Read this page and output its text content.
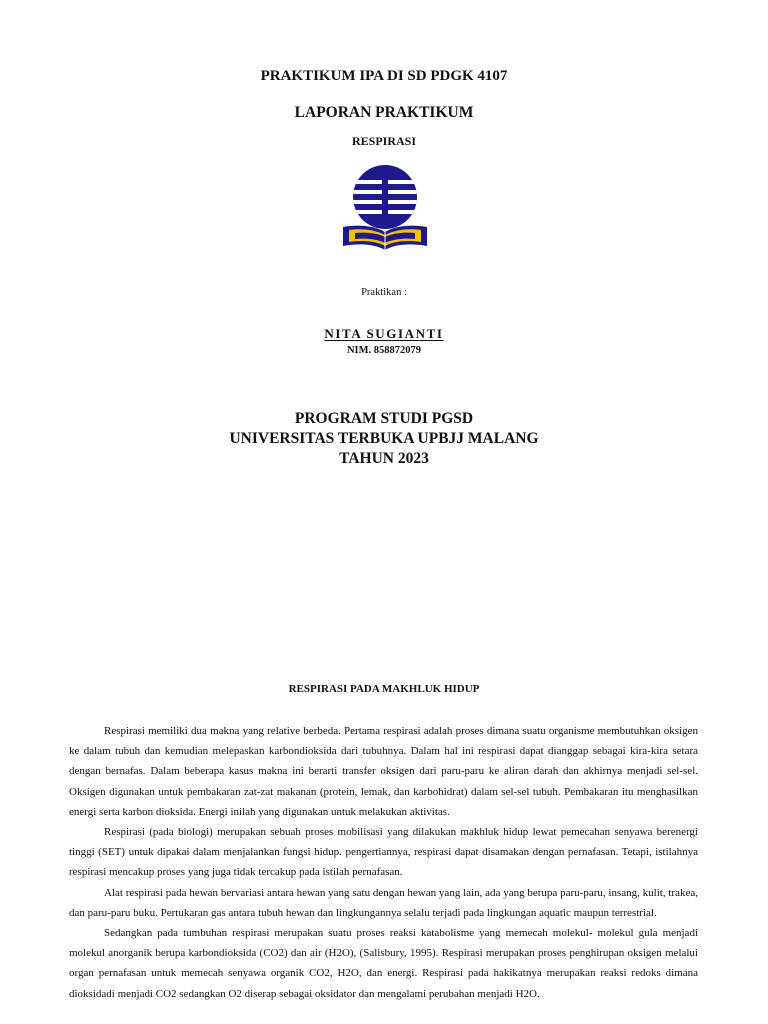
PRAKTIKUM IPA DI SD PDGK 4107
LAPORAN PRAKTIKUM
RESPIRASI
Praktikan :
NITA SUGIANTI
NIM. 858872079
PROGRAM STUDI PGSD
UNIVERSITAS TERBUKA UPBJJ MALANG
TAHUN 2023
RESPIRASI PADA MAKHLUK HIDUP

Respirasi memiliki dua makna yang relative berbeda. Pertama respirasi adalah proses dimana suatu organisme membutuhkan oksigen ke dalam tubuh dan kemudian melepaskan karbondioksida dari tubuhnya. Dalam hal ini respirasi dapat dianggap sebagai kira-kira setara dengan bernafas. Dalam beberapa kasus makna ini berarti transfer oksigen dari paru-paru ke aliran darah dan akhirnya menjadi sel-sel. Oksigen digunakan untuk pembakaran zat-zat makanan (protein, lemak, dan karbohidrat) dalam sel-sel tubuh. Pembakaran itu menghasilkan energi serta karbon dioksida. Energi inilah yang digunakan untuk melakukan aktivitas.

Respirasi (pada biologi) merupakan sebuah proses mobilisasi yang dilakukan makhluk hidup lewat pemecahan senyawa berenergi tinggi (SET) untuk dipakai dalam menjalankan fungsi hidup. pengertiannya, respirasi dapat disamakan dengan pernafasan. Tetapi, istilahnya respirasi mencakup proses yang juga tidak tercakup pada istilah pernafasan.

Alat respirasi pada hewan bervariasi antara hewan yang satu dengan hewan yang lain, ada yang berupa paru-paru, insang, kulit, trakea, dan paru-paru buku. Pertukaran gas antara tubuh hewan dan lingkungannya selalu terjadi pada lingkungan aquatic maupun terrestrial.

Sedangkan pada tumbuhan respirasi merupakan suatu proses reaksi katabolisme yang memecah molekul- molekul gula menjadi molekul anorganik berupa karbondioksida (CO2) dan air (H2O), (Salisbury, 1995). Respirasi merupakan proses penghirupan oksigen melalui organ pernafasan untuk memecah senyawa organik CO2, H2O, dan energi. Respirasi pada hakikatnya merupakan reaksi redoks dimana dioksidadi menjadi CO2 sedangkan O2 diserap sebagai oksidator dan mengalami perubahan menjadi H2O.
